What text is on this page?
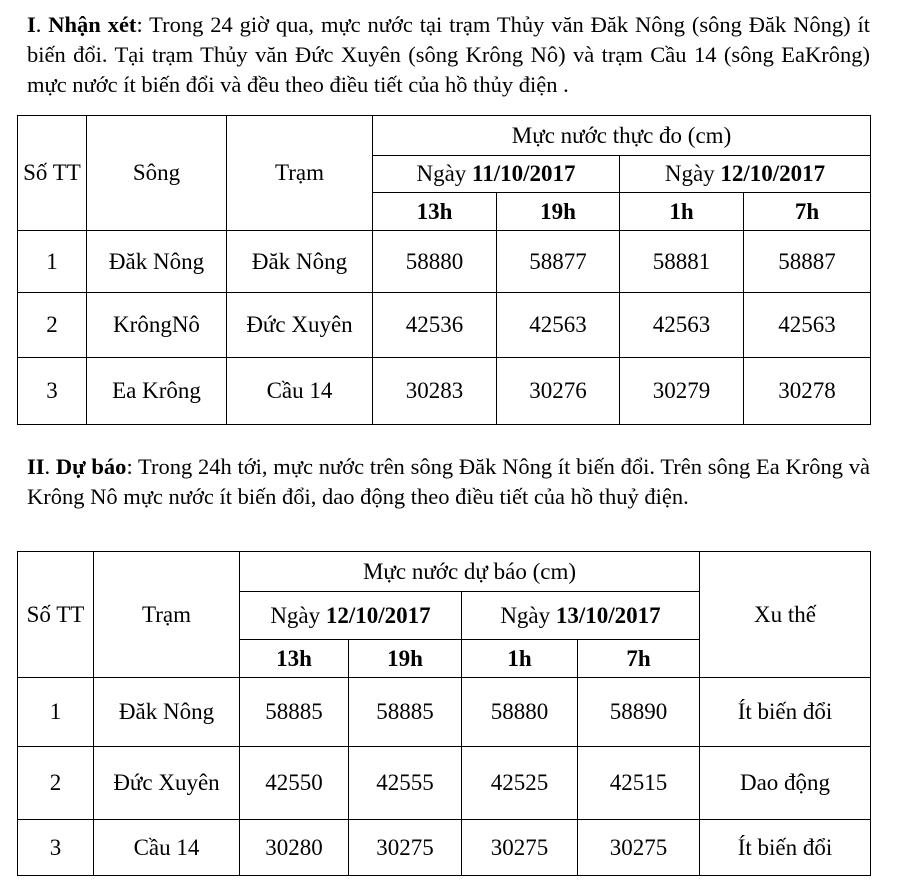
I. Nhận xét: Trong 24 giờ qua, mực nước tại trạm Thủy văn Đăk Nông (sông Đăk Nông) ít biến đổi. Tại trạm Thủy văn Đức Xuyên (sông Krông Nô) và trạm Cầu 14 (sông EaKrông) mực nước ít biến đổi và đều theo điều tiết của hồ thủy điện .

Số TT	Sông	Trạm	Mực nước thực đo (cm)			
			Ngày 11/10/2017		Ngày 12/10/2017	
			13h	19h	1h	7h
1	Đăk Nông	Đăk Nông	58880	58877	58881	58887
2	KrôngNô	Đức Xuyên	42536	42563	42563	42563
3	Ea Krông	Cầu 14	30283	30276	30279	30278

II. Dự báo: Trong 24h tới, mực nước trên sông Đăk Nông ít biến đổi. Trên sông Ea Krông và Krông Nô mực nước ít biến đổi, dao động theo điều tiết của hồ thuỷ điện.

Số TT	Trạm	Mực nước dự báo (cm)				Xu thế
		Ngày 12/10/2017		Ngày 13/10/2017		
		13h	19h	1h	7h	
1	Đăk Nông	58885	58885	58880	58890	Ít biến đổi
2	Đức Xuyên	42550	42555	42525	42515	Dao động
3	Cầu 14	30280	30275	30275	30275	Ít biến đổi
